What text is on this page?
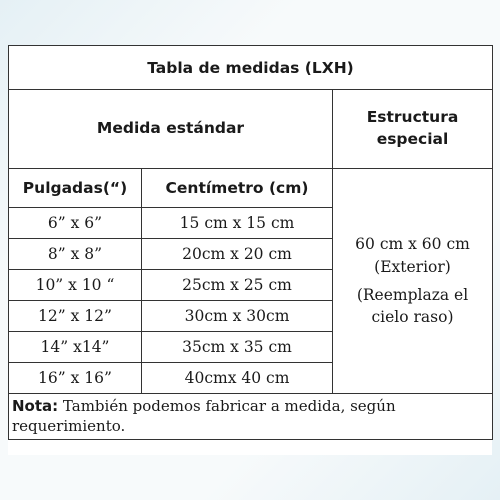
Tabla de medidas (LXH)		
Medida estándar		Estructura
especial

Pulgadas(“)	Centímetro (cm)	60 cm x 60 cm
(Exterior)
(Reemplaza el
cielo raso)

6” x 6”	15 cm x 15 cm	
8” x 8”	20cm x 20 cm	
10” x 10 “	25cm x 25 cm	
12” x 12”	30cm x 30cm	
14” x14”	35cm x 35 cm	
16” x 16”	40cmx 40 cm	
Nota: También podemos fabricar a medida, según requerimiento.		
